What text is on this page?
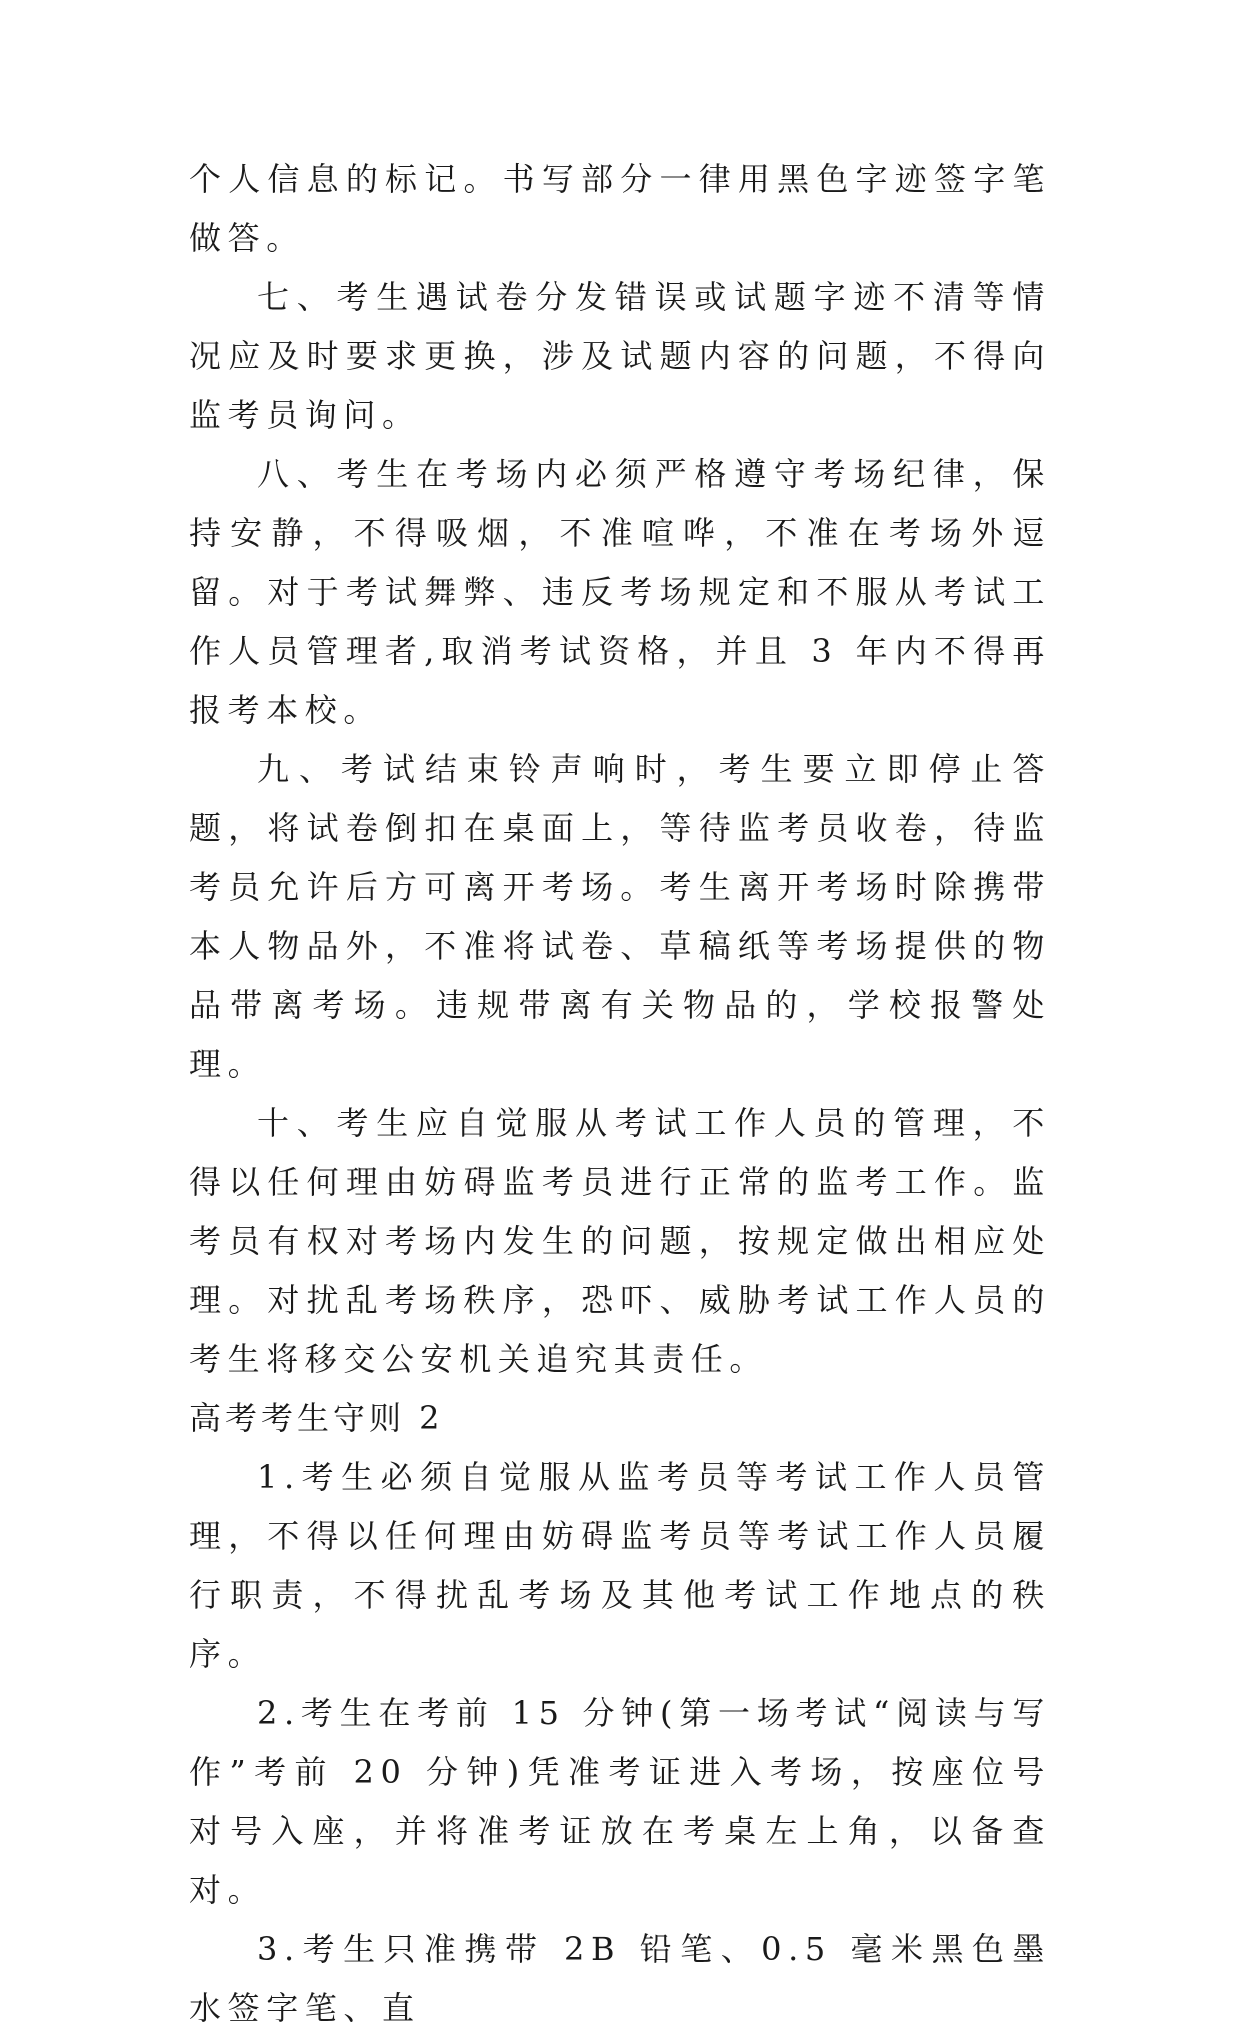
个人信息的标记。书写部分一律用黑色字迹签字笔做答。

七、考生遇试卷分发错误或试题字迹不清等情况应及时要求更换，涉及试题内容的问题，不得向监考员询问。

八、考生在考场内必须严格遵守考场纪律，保持安静，不得吸烟，不准喧哗，不准在考场外逗留。对于考试舞弊、违反考场规定和不服从考试工作人员管理者,取消考试资格，并且 3 年内不得再报考本校。

九、考试结束铃声响时，考生要立即停止答题，将试卷倒扣在桌面上，等待监考员收卷，待监考员允许后方可离开考场。考生离开考场时除携带本人物品外，不准将试卷、草稿纸等考场提供的物品带离考场。违规带离有关物品的，学校报警处理。

十、考生应自觉服从考试工作人员的管理，不得以任何理由妨碍监考员进行正常的监考工作。监考员有权对考场内发生的问题，按规定做出相应处理。对扰乱考场秩序，恐吓、威胁考试工作人员的考生将移交公安机关追究其责任。

高考考生守则 2

1.考生必须自觉服从监考员等考试工作人员管理，不得以任何理由妨碍监考员等考试工作人员履行职责，不得扰乱考场及其他考试工作地点的秩序。

2.考生在考前 15 分钟(第一场考试“阅读与写作”考前 20 分钟)凭准考证进入考场，按座位号对号入座，并将准考证放在考桌左上角，以备查对。

3.考生只准携带 2B 铅笔、0.5 毫米黑色墨水签字笔、直
